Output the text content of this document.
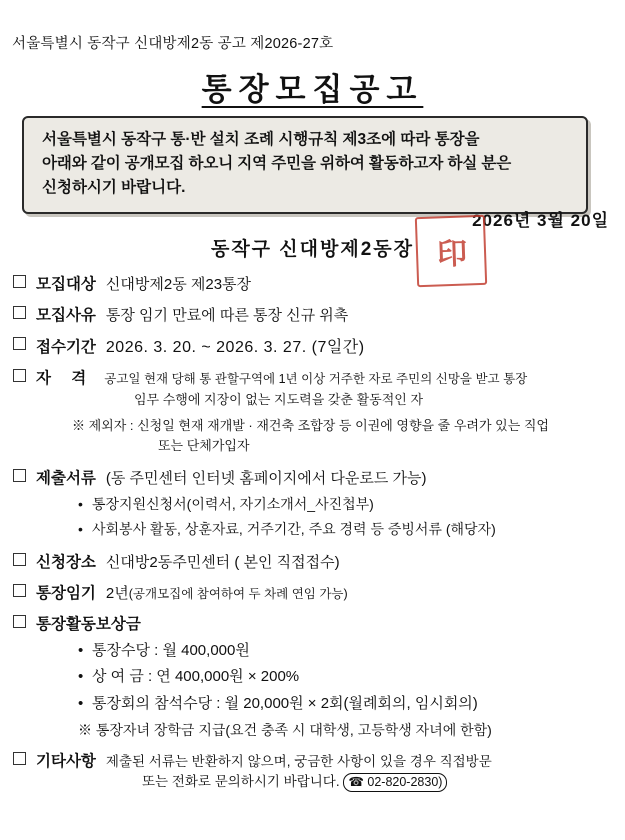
서울특별시 동작구 신대방제2동 공고 제2026-27호
통장모집공고
서울특별시 동작구 통·반 설치 조례 시행규칙 제3조에 따라 통장을
아래와 같이 공개모집 하오니 지역 주민을 위하여 활동하고자 하실 분은
신청하시기 바랍니다.
2026년 3월 20일
동작구 신대방제2동장 印
모집대상 신대방제2동 제23통장
모집사유 통장 임기 만료에 따른 통장 신규 위촉
접수기간 2026. 3. 20. ~ 2026. 3. 27. (7일간)
자 격 공고일 현재 당해 통 관할구역에 1년 이상 거주한 자로 주민의 신망을 받고 통장
임무 수행에 지장이 없는 지도력을 갖춘 활동적인 자
※ 제외자 : 신청일 현재 재개발 · 재건축 조합장 등 이권에 영향을 줄 우려가 있는 직업
또는 단체가입자
제출서류 (동 주민센터 인터넷 홈페이지에서 다운로드 가능)
• 통장지원신청서(이력서, 자기소개서_사진첩부)
• 사회봉사 활동, 상훈자료, 거주기간, 주요 경력 등 증빙서류 (해당자)
신청장소 신대방2동주민센터 ( 본인 직접접수)
통장임기 2년 (공개모집에 참여하여 두 차례 연임 가능)
통장활동보상금
• 통장수당 : 월 400,000원
• 상 여 금 : 연 400,000원 × 200%
• 통장회의 참석수당 : 월 20,000원 × 2회(월례회의, 임시회의)
※ 통장자녀 장학금 지급(요건 충족 시 대학생, 고등학생 자녀에 한함)
기타사항 제출된 서류는 반환하지 않으며, 궁금한 사항이 있을 경우 직접방문
또는 전화로 문의하시기 바랍니다. ☎ 02-820-2830)
